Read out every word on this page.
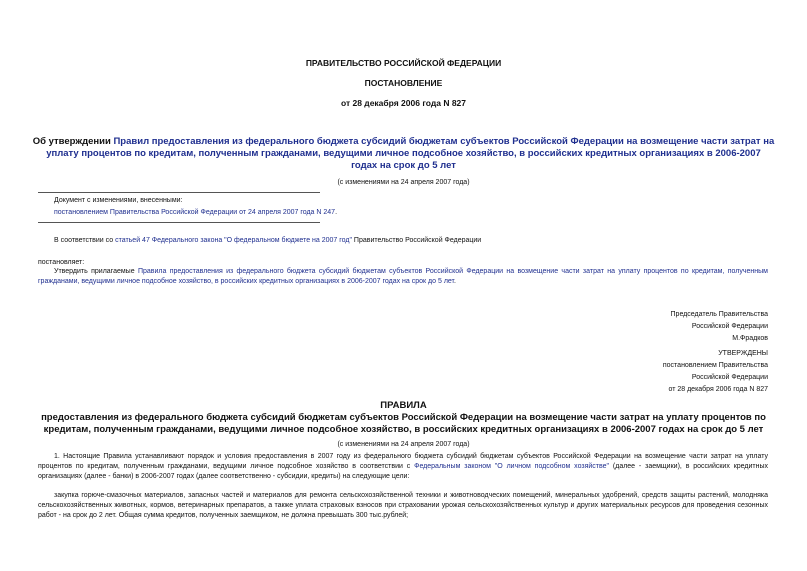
ПРАВИТЕЛЬСТВО РОССИЙСКОЙ ФЕДЕРАЦИИ
ПОСТАНОВЛЕНИЕ
от 28 декабря 2006 года N 827
Об утверждении Правил предоставления из федерального бюджета субсидий бюджетам субъектов Российской Федерации на возмещение части затрат на уплату процентов по кредитам, полученным гражданами, ведущими личное подсобное хозяйство, в российских кредитных организациях в 2006-2007 годах на срок до 5 лет
(с изменениями на 24 апреля 2007 года)
Документ с изменениями, внесенными:
постановлением Правительства Российской Федерации от 24 апреля 2007 года N 247.
В соответствии со статьей 47 Федерального закона "О федеральном бюджете на 2007 год" Правительство Российской Федерации
постановляет:
Утвердить прилагаемые Правила предоставления из федерального бюджета субсидий бюджетам субъектов Российской Федерации на возмещение части затрат на уплату процентов по кредитам, полученным гражданами, ведущими личное подсобное хозяйство, в российских кредитных организациях в 2006-2007 годах на срок до 5 лет.

Председатель Правительства

Российской Федерации

М.Фрадков

УТВЕРЖДЕНЫ

постановлением Правительства

Российской Федерации

от 28 декабря 2006 года N 827

ПРАВИЛА
предоставления из федерального бюджета субсидий бюджетам субъектов Российской Федерации на возмещение части затрат на уплату процентов по кредитам, полученным гражданами, ведущими личное подсобное хозяйство, в российских кредитных организациях в 2006-2007 годах на срок до 5 лет
(с изменениями на 24 апреля 2007 года)
1. Настоящие Правила устанавливают порядок и условия предоставления в 2007 году из федерального бюджета субсидий бюджетам субъектов Российской Федерации на возмещение части затрат на уплату процентов по кредитам, полученным гражданами, ведущими личное подсобное хозяйство в соответствии с Федеральным законом "О личном подсобном хозяйстве" (далее - заемщики), в российских кредитных организациях (далее - банки) в 2006-2007 годах (далее соответственно - субсидии, кредиты) на следующие цели:
закупка горюче-смазочных материалов, запасных частей и материалов для ремонта сельскохозяйственной техники и животноводческих помещений, минеральных удобрений, средств защиты растений, молодняка сельскохозяйственных животных, кормов, ветеринарных препаратов, а также уплата страховых взносов при страховании урожая сельскохозяйственных культур и других материальных ресурсов для проведения сезонных работ - на срок до 2 лет. Общая сумма кредитов, полученных заемщиком, не должна превышать 300 тыс.рублей;
